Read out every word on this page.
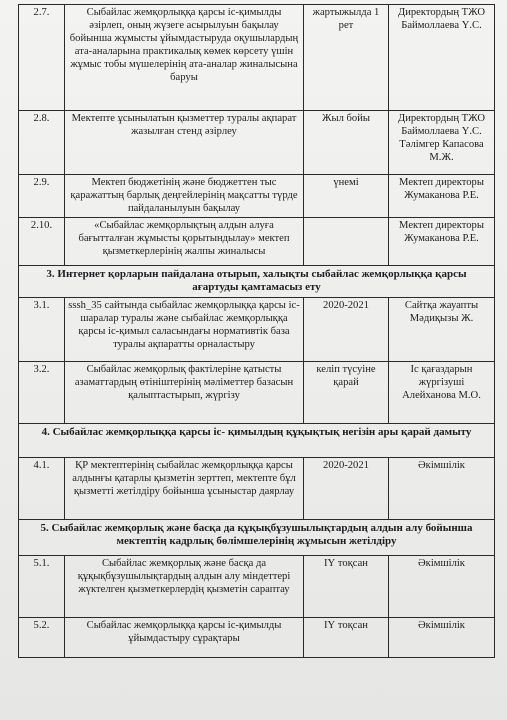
2.7.	Сыбайлас жемқорлыққа қарсы іс-қимылды әзірлеп, оның жүзеге асырылуын бақылау бойынша жұмысты ұйымдастыруда оқушылардың ата-аналарына практикалық көмек көрсету үшін жұмыс тобы мүшелерінің ата-аналар жиналысына баруы	жартыжылда 1 рет	Директордың ТЖО Баймоллаева Ү.С.
2.8.	Мектепте ұсынылатын қызметтер туралы ақпарат жазылған стенд әзірлеу	Жыл бойы	Директордың ТЖО Баймоллаева Ү.С. Тәлімгер Капасова М.Ж.
2.9.	Мектеп бюджетінің және бюджеттен тыс қаражаттың барлық деңгейлерінің мақсатты түрде пайдаланылуын бақылау	үнемі	Мектеп директоры Жумаканова Р.Е.
2.10.	«Сыбайлас жемқорлықтың алдын алуға бағытталған жұмысты қорытындылау» мектеп қызметкерлерінің жалпы жиналысы		Мектеп директоры Жумаканова Р.Е.
3. Интернет қорларын пайдалана отырып, халықты сыбайлас жемқорлыққа қарсы ағартуды қамтамасыз ету			
3.1.	sssh_35 сайтында сыбайлас жемқорлыққа қарсы іс-шаралар туралы және сыбайлас жемқорлыққа қарсы іс-қимыл саласындағы нормативтік база туралы ақпаратты орналастыру	2020-2021	Сайтқа жауапты Мәдиқызы Ж.
3.2.	Сыбайлас жемқорлық фактілеріне қатысты азаматтардың өтініштерінің мәліметтер базасын қалыптастырып, жүргізу	келіп түсуіне қарай	Іс қағаздарын жүргізуші Алейханова М.О.
4. Сыбайлас жемқорлыққа қарсы іс- қимылдың құқықтық негізін ары қарай дамыту			
4.1.	ҚР мектептерінің сыбайлас жемқорлыққа қарсы алдынғы қатарлы қызметін зерттеп, мектепте бұл қызметті жетілдіру бойынша ұсыныстар даярлау	2020-2021	Әкімшілік
5. Сыбайлас жемқорлық және басқа да құқықбұзушылықтардың алдын алу бойынша мектептің кадрлық бөлімшелерінің жұмысын жетілдіру			
5.1.	Сыбайлас жемқорлық және басқа да құқықбұзушылықтардың алдын алу міндеттері жүктелген қызметкерлердің қызметін сараптау	ІҮ тоқсан	Әкімшілік
5.2.	Сыбайлас жемқорлыққа қарсы іс-қимылды ұйымдастыру сұрақтары	ІҮ тоқсан	Әкімшілік
